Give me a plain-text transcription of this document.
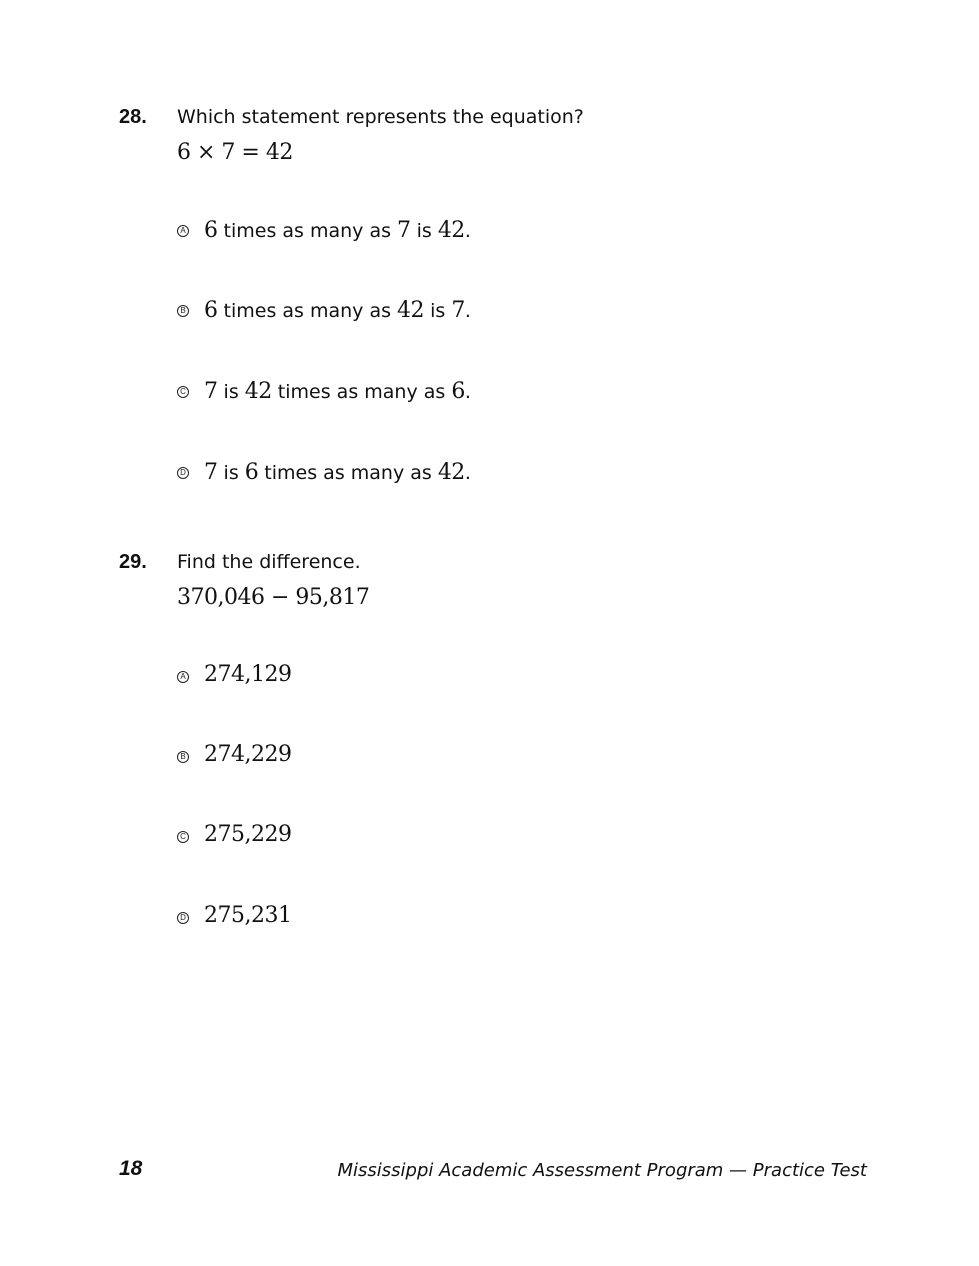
28. Which statement represents the equation?
6 × 7 = 42
A 6 times as many as 7 is 42.
B 6 times as many as 42 is 7.
C 7 is 42 times as many as 6.
D 7 is 6 times as many as 42.
29. Find the difference.
370,046 − 95,817
A 274,129
B 274,229
C 275,229
D 275,231
18	Mississippi Academic Assessment Program — Practice Test
